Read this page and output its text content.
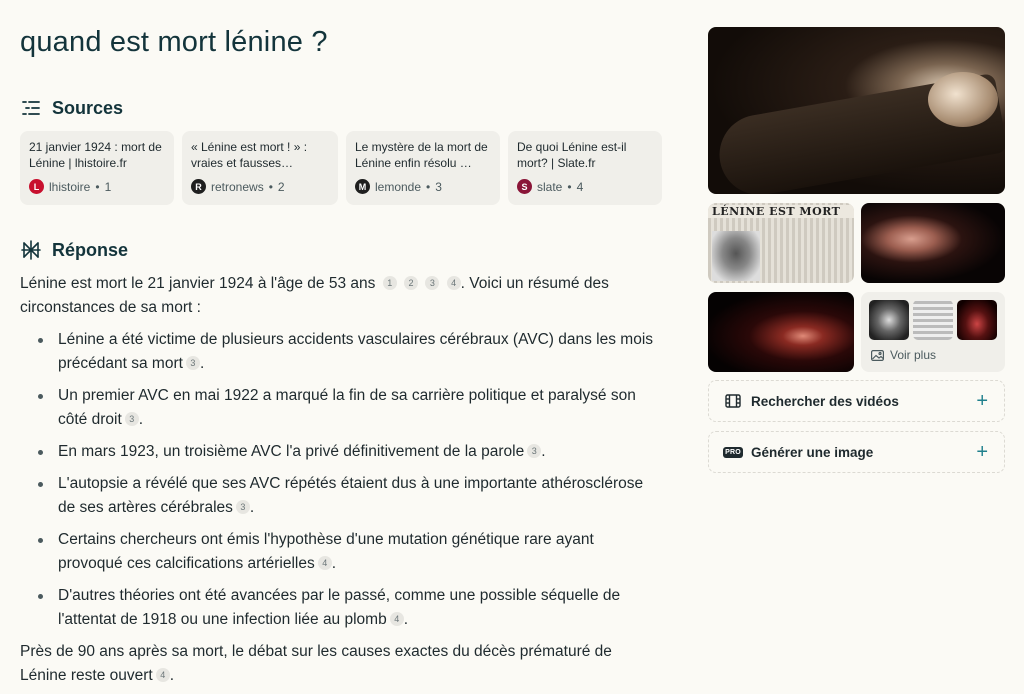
quand est mort lénine ?
Sources
21 janvier 1924 : mort de Lénine | lhistoire.fr
L lhistoire • 1
« Lénine est mort ! » : vraies et fausses…
R retronews • 2
Le mystère de la mort de Lénine enfin résolu …
M lemonde • 3
De quoi Lénine est-il mort? | Slate.fr
S slate • 4
Réponse

Lénine est mort le 21 janvier 1924 à l'âge de 53 ans 1 2 3 4 . Voici un résumé des circonstances de sa mort :

Lénine a été victime de plusieurs accidents vasculaires cérébraux (AVC) dans les mois précédant sa mort 3 .
Un premier AVC en mai 1922 a marqué la fin de sa carrière politique et paralysé son côté droit 3 .
En mars 1923, un troisième AVC l'a privé définitivement de la parole 3 .
L'autopsie a révélé que ses AVC répétés étaient dus à une importante athérosclérose de ses artères cérébrales 3 .
Certains chercheurs ont émis l'hypothèse d'une mutation génétique rare ayant provoqué ces calcifications artérielles 4 .
D'autres théories ont été avancées par le passé, comme une possible séquelle de l'attentat de 1918 ou une infection liée au plomb 4 .

Près de 90 ans après sa mort, le débat sur les causes exactes du décès prématuré de Lénine reste ouvert 4 .

LÉNINE EST MORT
Voir plus
Rechercher des vidéos	+
PRO Générer une image	+
